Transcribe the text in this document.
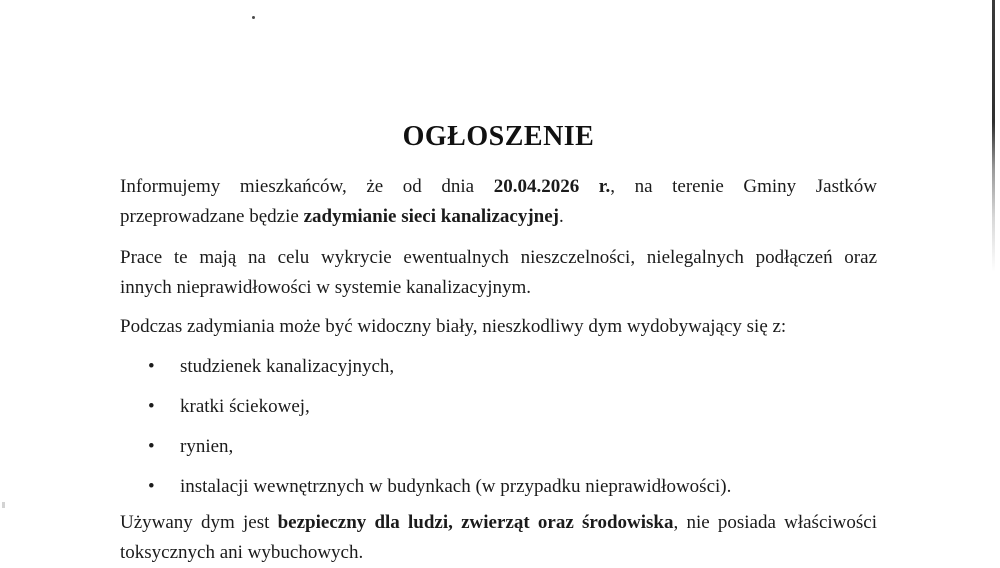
OGŁOSZENIE
Informujemy mieszkańców, że od dnia 20.04.2026 r., na terenie Gminy Jastków
przeprowadzane będzie zadymianie sieci kanalizacyjnej.
Prace te mają na celu wykrycie ewentualnych nieszczelności, nielegalnych podłączeń oraz
innych nieprawidłowości w systemie kanalizacyjnym.
Podczas zadymiania może być widoczny biały, nieszkodliwy dym wydobywający się z:
• studzienek kanalizacyjnych,
• kratki ściekowej,
• rynien,
• instalacji wewnętrznych w budynkach (w przypadku nieprawidłowości).
Używany dym jest bezpieczny dla ludzi, zwierząt oraz środowiska, nie posiada właściwości
toksycznych ani wybuchowych.
